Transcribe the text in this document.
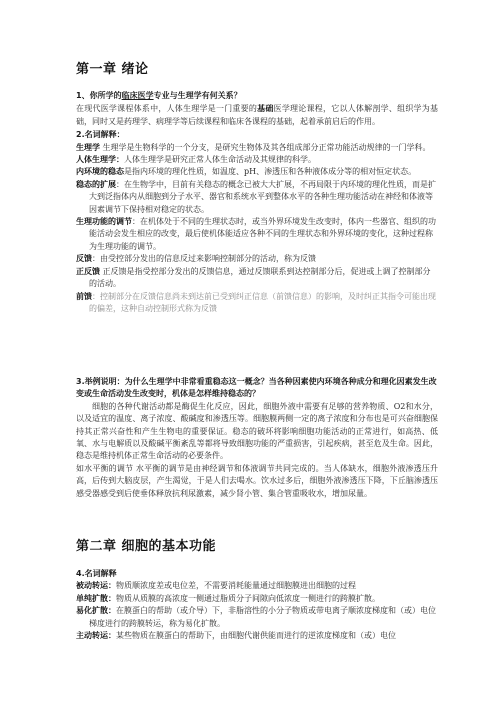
第一章 绪论
1、你所学的临床医学专业与生理学有何关系？

在现代医学课程体系中，人体生理学是一门重要的基础医学理论课程，它以人体解剖学、组织学为基础，同时又是药理学、病理学等后续课程和临床各课程的基础，起着承前启后的作用。

2.名词解释：

生理学 生理学是生物科学的一个分支，是研究生物体及其各组成部分正常功能活动规律的一门学科。

人体生理学：人体生理学是研究正常人体生命活动及其规律的科学。

内环境的稳态是指内环境的理化性质，如温度、pH、渗透压和各种液体成分等的相对恒定状态。

稳态的扩展：在生物学中，目前有关稳态的概念已被大大扩展，不再局限于内环境的理化性质，而是扩大到泛指体内从细胞到分子水平、器官和系统水平到整体水平的各种生理功能活动在神经和体液等因素调节下保持相对稳定的状态。

生理功能的调节：在机体处于不同的生理状态时，或当外界环境发生改变时，体内一些器官、组织的功能活动会发生相应的改变，最后使机体能适应各种不同的生理状态和外界环境的变化，这种过程称为生理功能的调节。

反馈：由受控部分发出的信息反过来影响控制部分的活动，称为反馈

正反馈 正反馈是指受控部分发出的反馈信息，通过反馈联系到达控制部分后，促进或上调了控制部分的活动。

前馈：控制部分在反馈信息尚未到达前已受到纠正信息（前馈信息）的影响，及时纠正其指令可能出现的偏差，这种自动控制形式称为反馈

3.举例说明：为什么生理学中非常看重稳态这一概念？当各种因素使内环境各种成分和理化因素发生改变或生命活动发生改变时，机体是怎样维持稳态的？

细胞的各种代谢活动都是酶促生化反应，因此，细胞外液中需要有足够的营养物质、O2和水分，以及适宜的温度、离子浓度、酸碱度和渗透压等。细胞膜两侧一定的离子浓度和分布也是可兴奋细胞保持其正常兴奋性和产生生物电的重要保证。稳态的破坏将影响细胞功能活动的正常进行，如高热、低氧、水与电解质以及酸碱平衡紊乱等都将导致细胞功能的严重损害，引起疾病，甚至危及生命。因此，稳态是维持机体正常生命活动的必要条件。

如水平衡的调节 水平衡的调节是由神经调节和体液调节共同完成的。当人体缺水，细胞外液渗透压升高，后传到大脑皮层，产生渴觉，于是人们去喝水。饮水过多后，细胞外液渗透压下降，下丘脑渗透压感受器感受到后使垂体释放抗利尿激素，减少肾小管、集合管重吸收水，增加尿量。

第二章 细胞的基本功能
4.名词解释

被动转运：物质顺浓度差或电位差，不需要消耗能量通过细胞膜进出细胞的过程

单纯扩散：物质从质膜的高浓度一侧通过脂质分子间隙向低浓度一侧进行的跨膜扩散。

易化扩散：在膜蛋白的帮助（或介导）下，非脂溶性的小分子物质或带电离子顺浓度梯度和（或）电位梯度进行的跨膜转运，称为易化扩散。

主动转运：某些物质在膜蛋白的帮助下，由细胞代谢供能而进行的逆浓度梯度和（或）电位
